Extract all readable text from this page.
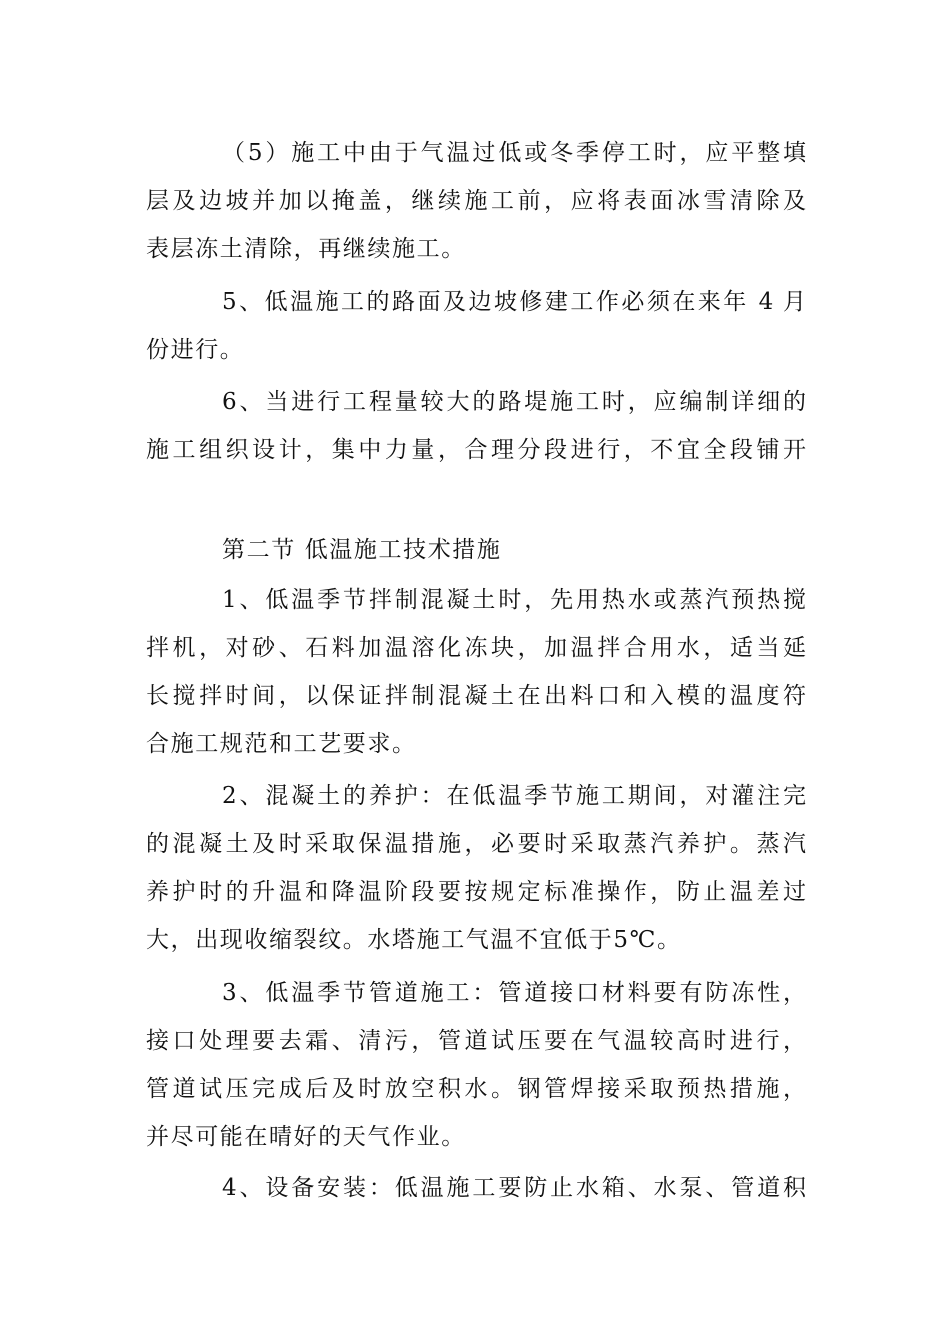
（5）施工中由于气温过低或冬季停工时，应平整填
层及边坡并加以掩盖，继续施工前，应将表面冰雪清除及
表层冻土清除，再继续施工。
5、低温施工的路面及边坡修建工作必须在来年 4 月
份进行。
6、当进行工程量较大的路堤施工时，应编制详细的
施工组织设计，集中力量，合理分段进行，不宜全段铺开
第二节 低温施工技术措施
1、低温季节拌制混凝土时，先用热水或蒸汽预热搅
拌机，对砂、石料加温溶化冻块，加温拌合用水，适当延
长搅拌时间，以保证拌制混凝土在出料口和入模的温度符
合施工规范和工艺要求。
2、混凝土的养护：在低温季节施工期间，对灌注完
的混凝土及时采取保温措施，必要时采取蒸汽养护。蒸汽
养护时的升温和降温阶段要按规定标准操作，防止温差过
大，出现收缩裂纹。水塔施工气温不宜低于5℃。
3、低温季节管道施工：管道接口材料要有防冻性，
接口处理要去霜、清污，管道试压要在气温较高时进行，
管道试压完成后及时放空积水。钢管焊接采取预热措施，
并尽可能在晴好的天气作业。
4、设备安装：低温施工要防止水箱、水泵、管道积
